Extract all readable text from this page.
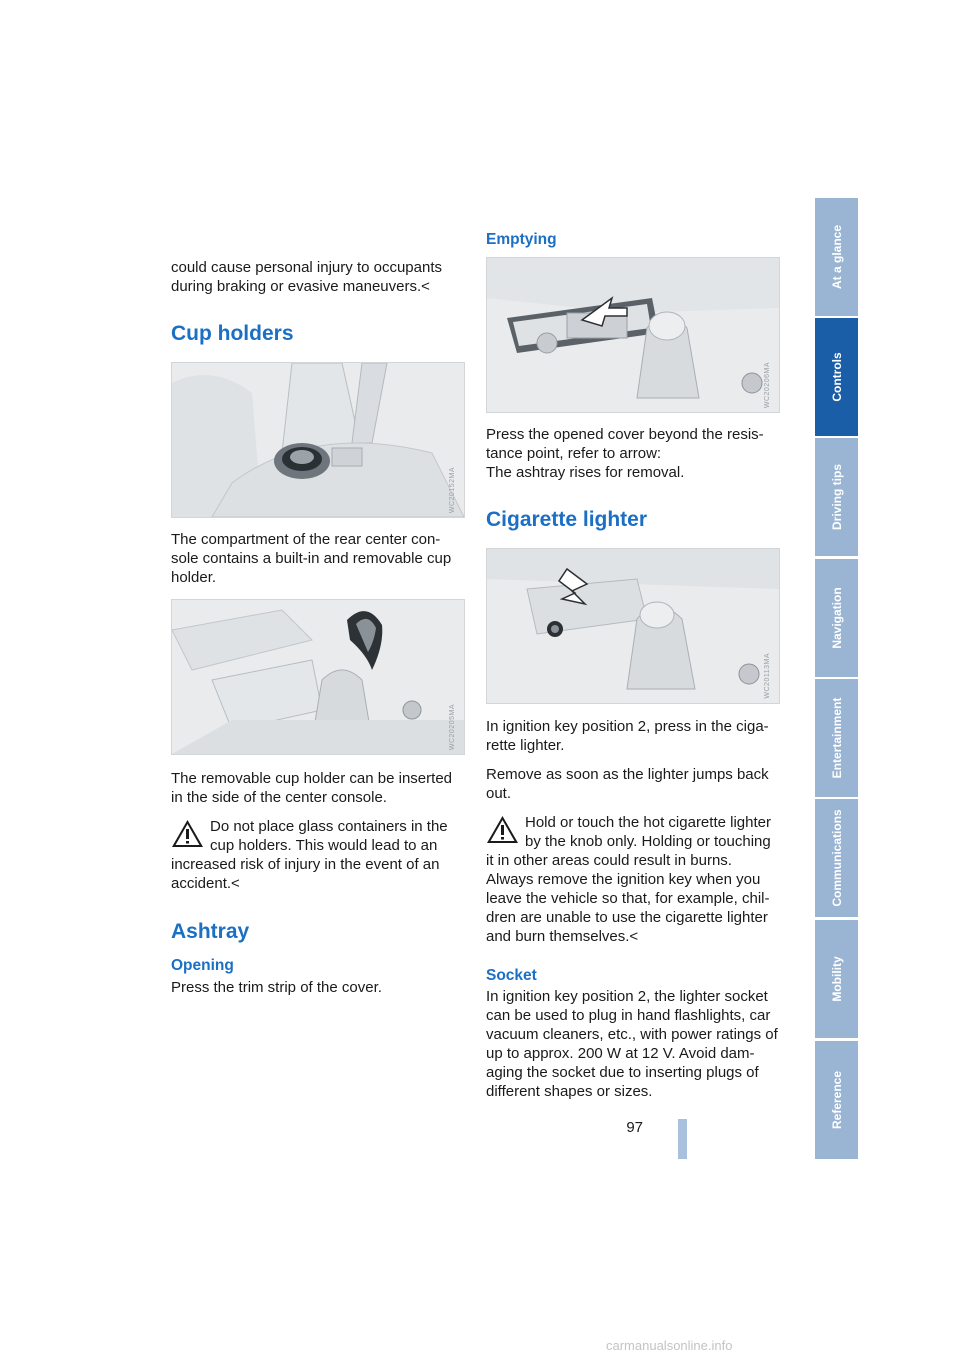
could cause personal injury to occupants during braking or evasive maneuvers.<

Cup holders
WC20152MA

The compartment of the rear center con-sole contains a built-in and removable cup holder.

WC20205MA

The removable cup holder can be inserted in the side of the center console.

Do not place glass containers in the
cup holders. This would lead to an
increased risk of injury in the event of an accident.<
Ashtray
Opening

Press the trim strip of the cover.

Emptying
WC20206MA

Press the opened cover beyond the resis-tance point, refer to arrow:

The ashtray rises for removal.

Cigarette lighter
WC20113MA

In ignition key position 2, press in the ciga-rette lighter.

Remove as soon as the lighter jumps back out.

Hold or touch the hot cigarette lighter
by the knob only. Holding or touching
it in other areas could result in burns. Always remove the ignition key when you leave the vehicle so that, for example, chil-dren are unable to use the cigarette lighter and burn themselves.<
Socket

In ignition key position 2, the lighter socket can be used to plug in hand flashlights, car vacuum cleaners, etc., with power ratings of up to approx. 200 W at 12 V. Avoid dam-aging the socket due to inserting plugs of different shapes or sizes.

At a glance
Controls
Driving tips
Navigation
Entertainment
Communications
Mobility
Reference
97
carmanualsonline.info
